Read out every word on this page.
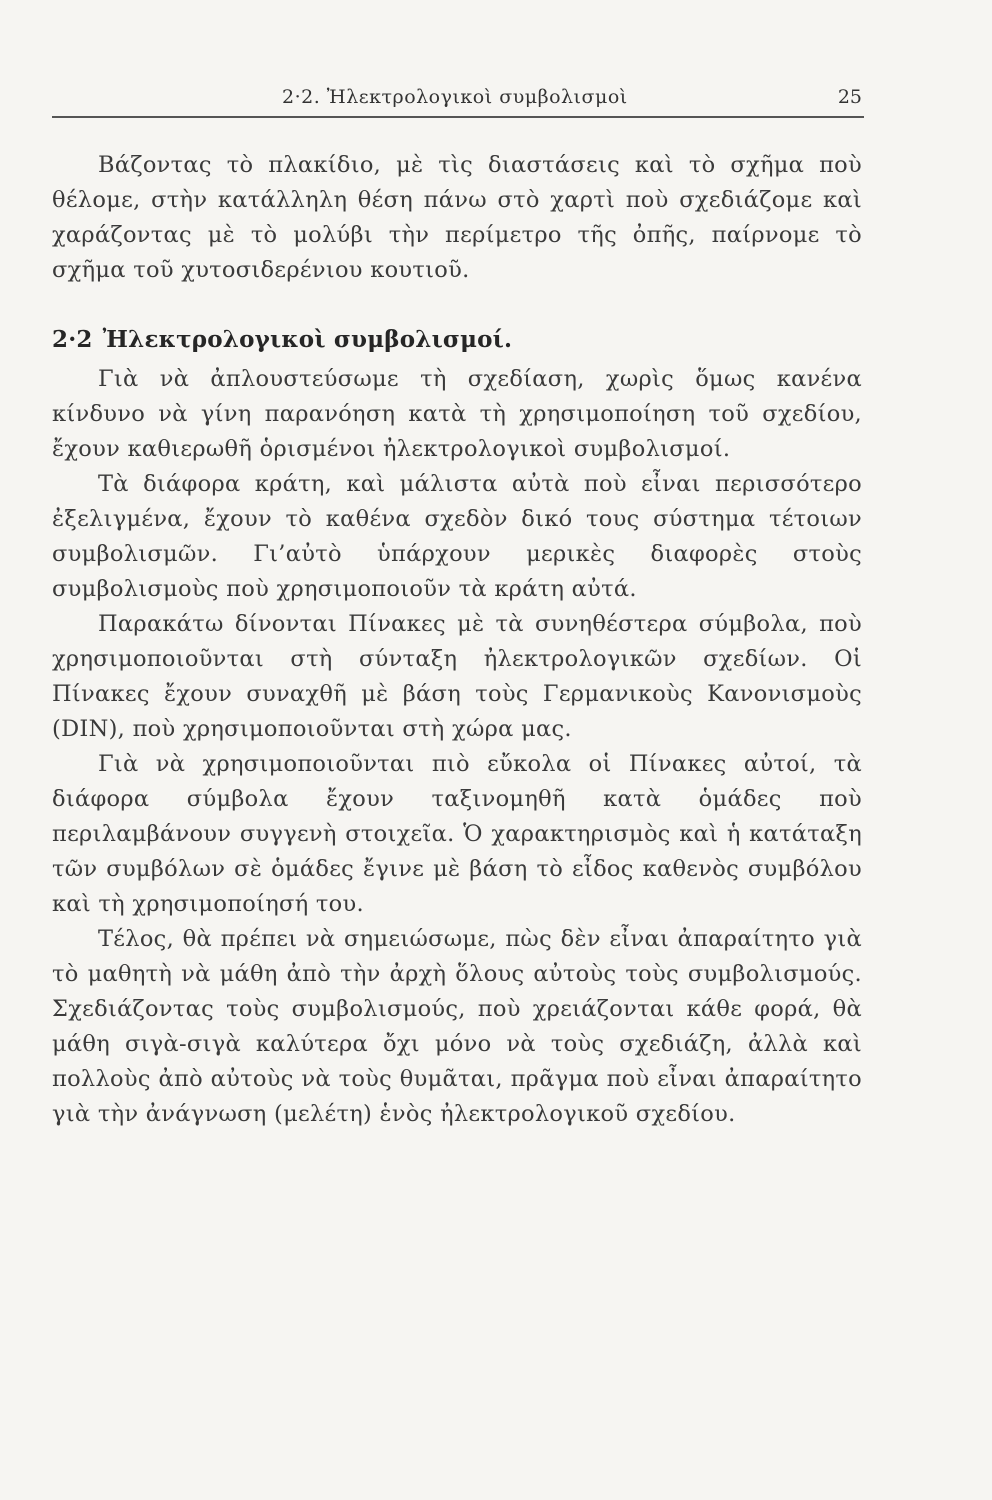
2·2. Ἠλεκτρολογικοὶ συμβολισμοὶ	25

Βάζοντας τὸ πλακίδιο, μὲ τὶς διαστάσεις καὶ τὸ σχῆμα ποὺ θέλομε, στὴν κατάλληλη θέση πάνω στὸ χαρτὶ ποὺ σχεδιάζομε καὶ χαράζοντας μὲ τὸ μολύβι τὴν περίμετρο τῆς ὀπῆς, παίρνομε τὸ σχῆμα τοῦ χυτοσιδερένιου κουτιοῦ.

2·2 Ἠλεκτρολογικοὶ συμβολισμοί.

Γιὰ νὰ ἀπλουστεύσωμε τὴ σχεδίαση, χωρὶς ὅμως κανένα κίνδυνο νὰ γίνη παρανόηση κατὰ τὴ χρησιμοποίηση τοῦ σχεδίου, ἔχουν καθιερωθῆ ὁρισμένοι ἠλεκτρολογικοὶ συμβολισμοί.

Τὰ διάφορα κράτη, καὶ μάλιστα αὐτὰ ποὺ εἶναι περισσότερο ἐξελιγμένα, ἔχουν τὸ καθένα σχεδὸν δικό τους σύστημα τέτοιων συμβολισμῶν. Γι’αὐτὸ ὑπάρχουν μερικὲς διαφορὲς στοὺς συμβολισμοὺς ποὺ χρησιμοποιοῦν τὰ κράτη αὐτά.

Παρακάτω δίνονται Πίνακες μὲ τὰ συνηθέστερα σύμβολα, ποὺ χρησιμοποιοῦνται στὴ σύνταξη ἠλεκτρολογικῶν σχεδίων. Οἱ Πίνακες ἔχουν συναχθῆ μὲ βάση τοὺς Γερμανικοὺς Κανονισμοὺς (DIN), ποὺ χρησιμοποιοῦνται στὴ χώρα μας.

Γιὰ νὰ χρησιμοποιοῦνται πιὸ εὔκολα οἱ Πίνακες αὐτοί, τὰ διάφορα σύμβολα ἔχουν ταξινομηθῆ κατὰ ὁμάδες ποὺ περιλαμβάνουν συγγενὴ στοιχεῖα. Ὁ χαρακτηρισμὸς καὶ ἡ κατάταξη τῶν συμβόλων σὲ ὁμάδες ἔγινε μὲ βάση τὸ εἶδος καθενὸς συμβόλου καὶ τὴ χρησιμοποίησή του.

Τέλος, θὰ πρέπει νὰ σημειώσωμε, πὼς δὲν εἶναι ἀπαραίτητο γιὰ τὸ μαθητὴ νὰ μάθη ἀπὸ τὴν ἀρχὴ ὅλους αὐτοὺς τοὺς συμβολισμούς. Σχεδιάζοντας τοὺς συμβολισμούς, ποὺ χρειάζονται κάθε φορά, θὰ μάθη σιγὰ-σιγὰ καλύτερα ὄχι μόνο νὰ τοὺς σχεδιάζη, ἀλλὰ καὶ πολλοὺς ἀπὸ αὐτοὺς νὰ τοὺς θυμᾶται, πρᾶγμα ποὺ εἶναι ἀπαραίτητο γιὰ τὴν ἀνάγνωση (μελέτη) ἑνὸς ἠλεκτρολογικοῦ σχεδίου.
